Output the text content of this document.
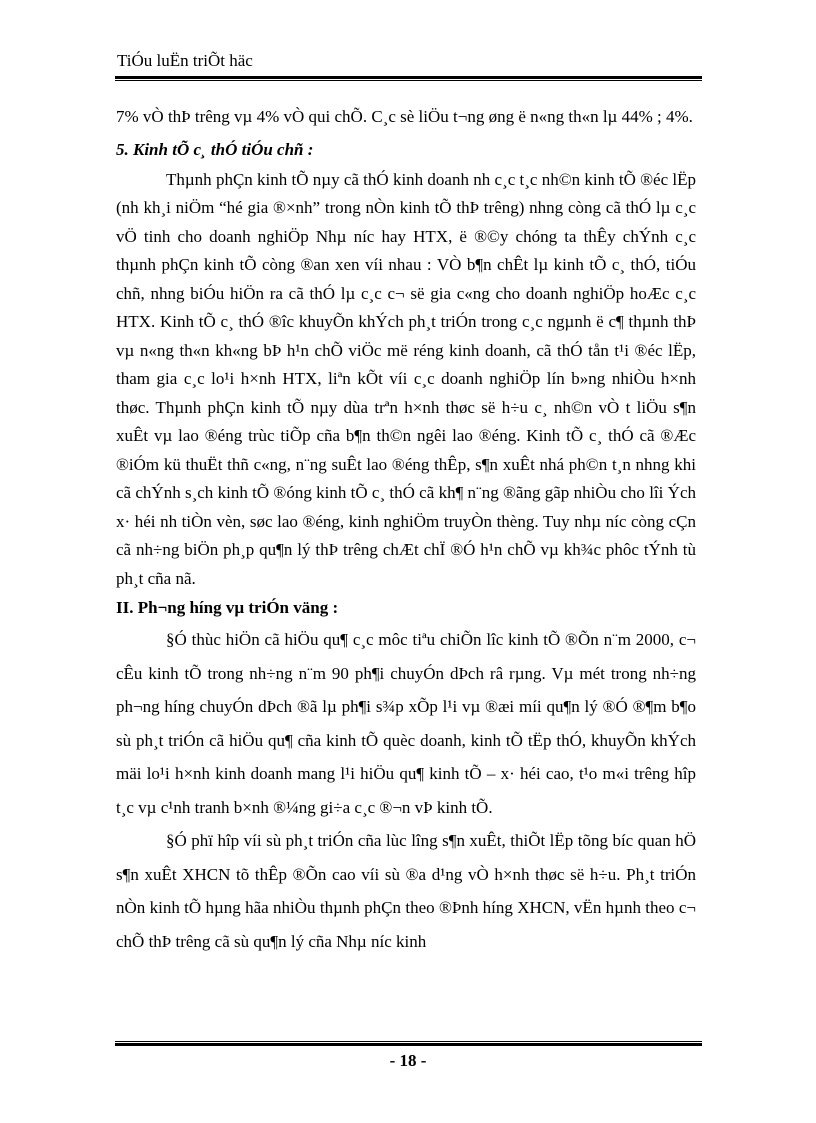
TiÓu luËn triÕt häc

7% vÒ thÞ trêng vµ 4% vÒ qui chÕ. C¸c sè liÖu t¬ng øng ë n«ng th«n lµ 44% ; 4%.

5. Kinh tÕ c¸ thÓ tiÓu chñ :

Thµnh phÇn kinh tÕ nµy cã thÓ kinh doanh nh c¸c t¸c nh©n kinh tÕ ®éc lËp (nh kh¸i niÖm “hé gia ®×nh” trong nÒn kinh tÕ thÞ trêng) nhng còng cã thÓ lµ c¸c vÖ tinh cho doanh nghiÖp Nhµ níc hay HTX, ë ®©y chóng ta thÊy chÝnh c¸c thµnh phÇn kinh tÕ còng ®an xen víi nhau : VÒ b¶n chÊt lµ kinh tÕ c¸ thÓ, tiÓu chñ, nhng biÓu hiÖn ra cã thÓ lµ c¸c c¬ së gia c«ng cho doanh nghiÖp hoÆc c¸c HTX. Kinh tÕ c¸ thÓ ®îc khuyÕn khÝch ph¸t triÓn trong c¸c ngµnh ë c¶ thµnh thÞ vµ n«ng th«n kh«ng bÞ h¹n chÕ viÖc më réng kinh doanh, cã thÓ tån t¹i ®éc lËp, tham gia c¸c lo¹i h×nh HTX, liªn kÕt víi c¸c doanh nghiÖp lín b»ng nhiÒu h×nh thøc. Thµnh phÇn kinh tÕ nµy dùa trªn h×nh thøc së h÷u c¸ nh©n vÒ t liÖu s¶n xuÊt vµ lao ®éng trùc tiÕp cña b¶n th©n ngêi lao ®éng. Kinh tÕ c¸ thÓ cã ®Æc ®iÓm kü thuËt thñ c«ng, n¨ng suÊt lao ®éng thÊp, s¶n xuÊt nhá ph©n t¸n nhng khi cã chÝnh s¸ch kinh tÕ ®óng kinh tÕ c¸ thÓ cã kh¶ n¨ng ®ãng gãp nhiÒu cho lîi Ých x· héi nh tiÒn vèn, søc lao ®éng, kinh nghiÖm truyÒn thèng. Tuy nhµ níc còng cÇn cã nh÷ng biÖn ph¸p qu¶n lý thÞ trêng chÆt chÏ ®Ó h¹n chÕ vµ kh¾c phôc tÝnh tù ph¸t cña nã.

II. Ph¬ng híng vµ triÓn väng :

§Ó thùc hiÖn cã hiÖu qu¶ c¸c môc tiªu chiÕn lîc kinh tÕ ®Õn n¨m 2000, c¬ cÊu kinh tÕ trong nh÷ng n¨m 90 ph¶i chuyÓn dÞch râ rµng. Vµ mét trong nh÷ng ph¬ng híng chuyÓn dÞch ®ã lµ ph¶i s¾p xÕp l¹i vµ ®æi míi qu¶n lý ®Ó ®¶m b¶o sù ph¸t triÓn cã hiÖu qu¶ cña kinh tÕ quèc doanh, kinh tÕ tËp thÓ, khuyÕn khÝch mäi lo¹i h×nh kinh doanh mang l¹i hiÖu qu¶ kinh tÕ – x· héi cao, t¹o m«i trêng hîp t¸c vµ c¹nh tranh b×nh ®¼ng gi÷a c¸c ®¬n vÞ kinh tÕ.

§Ó phï hîp víi sù ph¸t triÓn cña lùc lîng s¶n xuÊt, thiÕt lËp tõng bíc quan hÖ s¶n xuÊt XHCN tõ thÊp ®Õn cao víi sù ®a d¹ng vÒ h×nh thøc së h÷u. Ph¸t triÓn nÒn kinh tÕ hµng hãa nhiÒu thµnh phÇn theo ®Þnh híng XHCN, vËn hµnh theo c¬ chÕ thÞ trêng cã sù qu¶n lý cña Nhµ níc kinh

- 18 -
